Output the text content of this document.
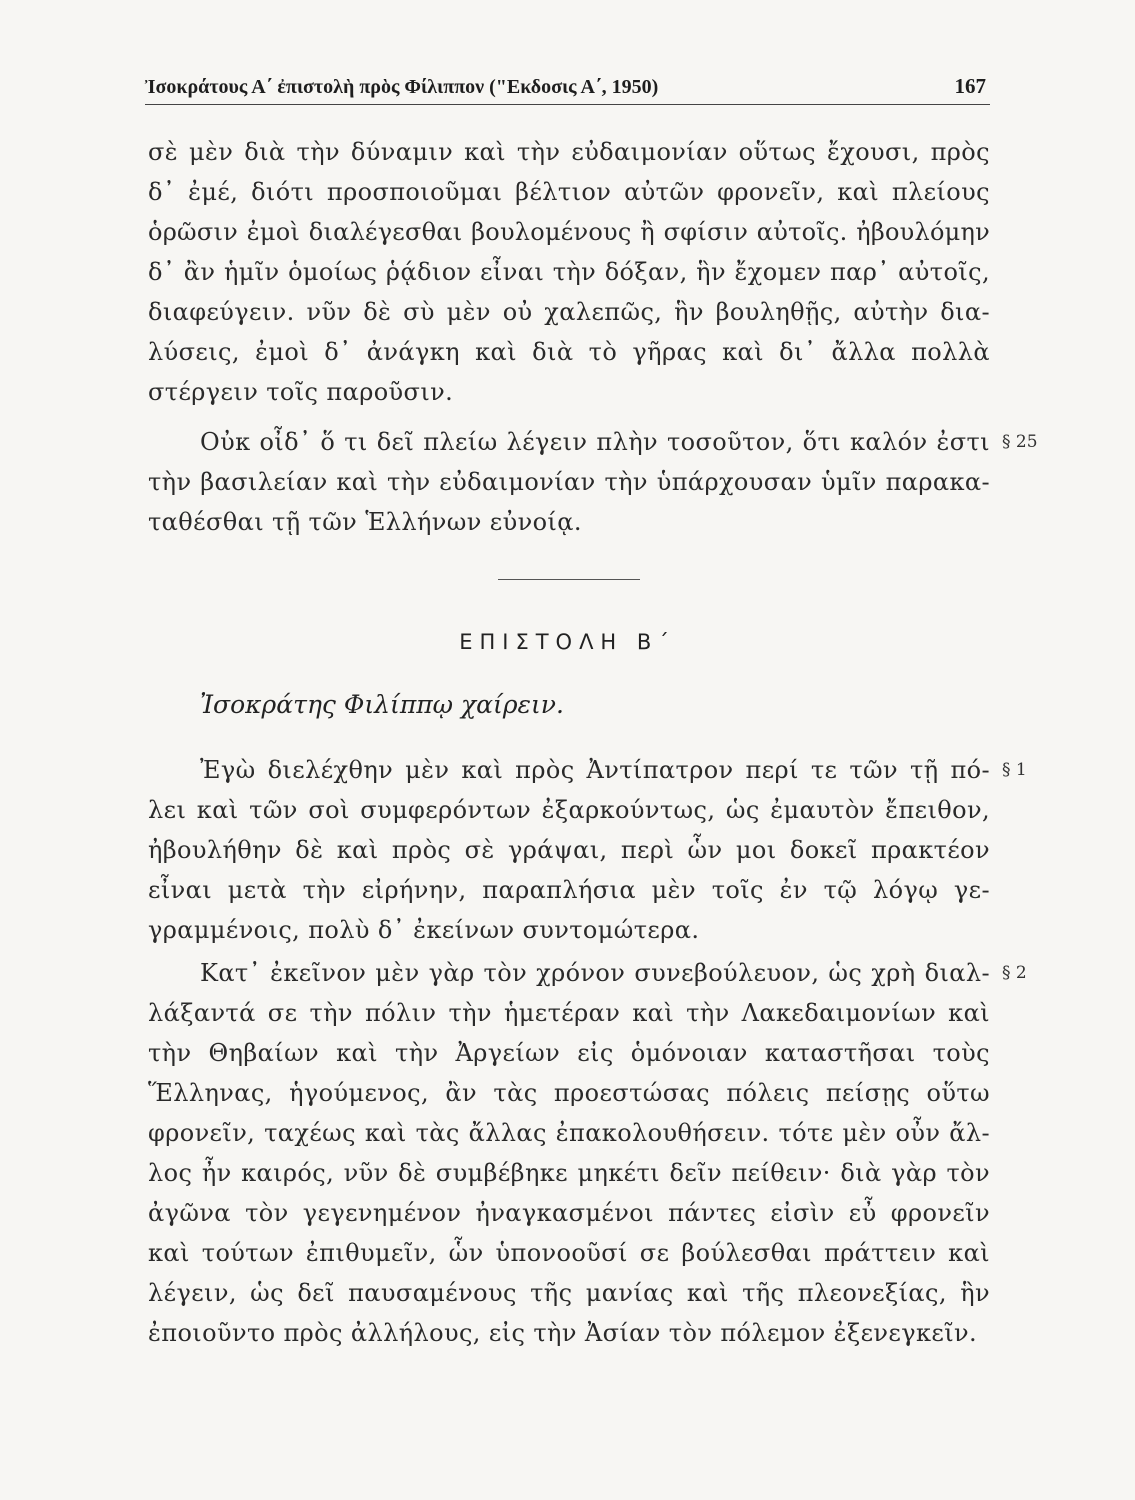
Ἰσοκράτους Α΄ ἐπιστολὴ πρὸς Φίλιππον ("Εκδοσις Α΄, 1950)	167
σὲ μὲν διὰ τὴν δύναμιν καὶ τὴν εὐδαιμονίαν οὕτως ἔχουσι, πρὸς
δ᾽ ἐμέ, διότι προσποιοῦμαι βέλτιον αὐτῶν φρονεῖν, καὶ πλείους
ὁρῶσιν ἐμοὶ διαλέγεσθαι βουλομένους ἢ σφίσιν αὐτοῖς. ἠβουλόμην
δ᾽ ἂν ἡμῖν ὁμοίως ῥᾴδιον εἶναι τὴν δόξαν, ἣν ἔχομεν παρ᾽ αὐτοῖς,
διαφεύγειν. νῦν δὲ σὺ μὲν οὐ χαλεπῶς, ἣν βουληθῇς, αὐτὴν δια-
λύσεις, ἐμοὶ δ᾽ ἀνάγκη καὶ διὰ τὸ γῆρας καὶ δι᾽ ἄλλα πολλὰ
στέργειν τοῖς παροῦσιν.
Οὐκ οἶδ᾽ ὅ τι δεῖ πλείω λέγειν πλὴν τοσοῦτον, ὅτι καλόν ἐστι
τὴν βασιλείαν καὶ τὴν εὐδαιμονίαν τὴν ὑπάρχουσαν ὑμῖν παρακα-
ταθέσθαι τῇ τῶν Ἑλλήνων εὐνοίᾳ.
§ 25
ΕΠΙΣΤΟΛΗ Β΄
Ἰσοκράτης Φιλίππῳ χαίρειν.
Ἐγὼ διελέχθην μὲν καὶ πρὸς Ἀντίπατρον περί τε τῶν τῇ πό-
λει καὶ τῶν σοὶ συμφερόντων ἐξαρκούντως, ὡς ἐμαυτὸν ἔπειθον,
ἠβουλήθην δὲ καὶ πρὸς σὲ γράψαι, περὶ ὧν μοι δοκεῖ πρακτέον
εἶναι μετὰ τὴν εἰρήνην, παραπλήσια μὲν τοῖς ἐν τῷ λόγῳ γε-
γραμμένοις, πολὺ δ᾽ ἐκείνων συντομώτερα.
§ 1
Κατ᾽ ἐκεῖνον μὲν γὰρ τὸν χρόνον συνεβούλευον, ὡς χρὴ διαλ-
λάξαντά σε τὴν πόλιν τὴν ἡμετέραν καὶ τὴν Λακεδαιμονίων καὶ
τὴν Θηβαίων καὶ τὴν Ἀργείων εἰς ὁμόνοιαν καταστῆσαι τοὺς
Ἕλληνας, ἡγούμενος, ἂν τὰς προεστώσας πόλεις πείσῃς οὕτω
φρονεῖν, ταχέως καὶ τὰς ἄλλας ἐπακολουθήσειν. τότε μὲν οὖν ἄλ-
λος ἦν καιρός, νῦν δὲ συμβέβηκε μηκέτι δεῖν πείθειν· διὰ γὰρ τὸν
ἀγῶνα τὸν γεγενημένον ἠναγκασμένοι πάντες εἰσὶν εὖ φρονεῖν
καὶ τούτων ἐπιθυμεῖν, ὧν ὑπονοοῦσί σε βούλεσθαι πράττειν καὶ
λέγειν, ὡς δεῖ παυσαμένους τῆς μανίας καὶ τῆς πλεονεξίας, ἣν
ἐποιοῦντο πρὸς ἀλλήλους, εἰς τὴν Ἀσίαν τὸν πόλεμον ἐξενεγκεῖν.
§ 2
